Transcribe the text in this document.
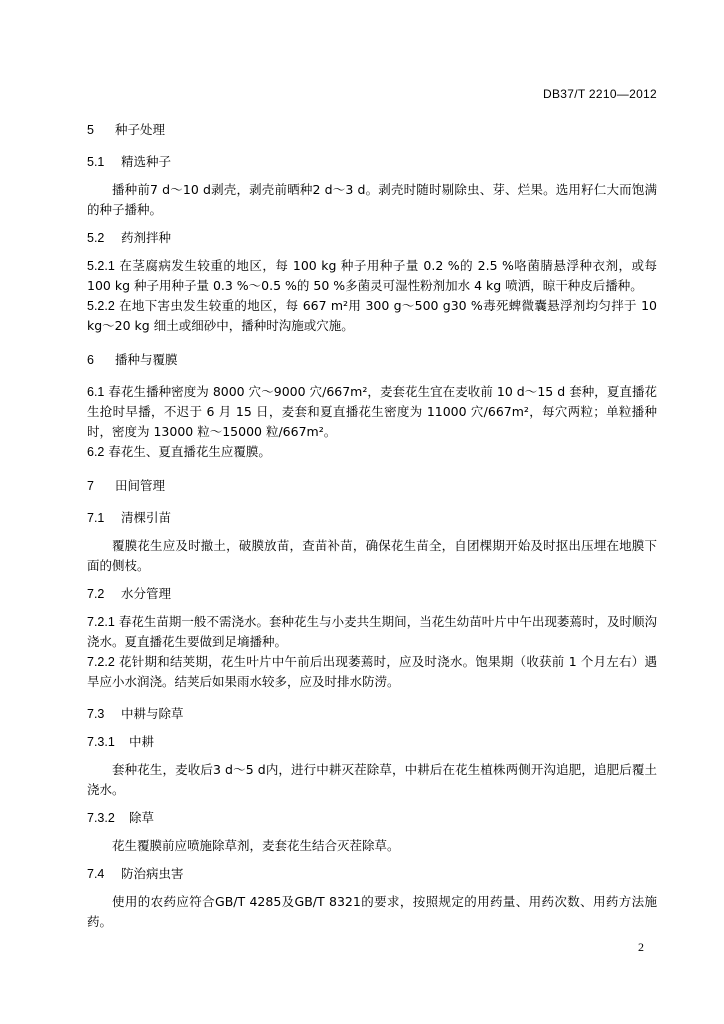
DB37/T 2210—2012
5 种子处理
5.1 精选种子
播种前7 d～10 d剥壳，剥壳前晒种2 d～3 d。剥壳时随时剔除虫、芽、烂果。选用籽仁大而饱满的种子播种。
5.2 药剂拌种
5.2.1 在茎腐病发生较重的地区，每 100 kg 种子用种子量 0.2 %的 2.5 %咯菌腈悬浮种衣剂，或每 100 kg 种子用种子量 0.3 %～0.5 %的 50 %多菌灵可湿性粉剂加水 4 kg 喷洒，晾干种皮后播种。
5.2.2 在地下害虫发生较重的地区，每 667 m²用 300 g～500 g30 %毒死蜱微囊悬浮剂均匀拌于 10 kg～20 kg 细土或细砂中，播种时沟施或穴施。
6 播种与覆膜
6.1 春花生播种密度为 8000 穴～9000 穴/667m²，麦套花生宜在麦收前 10 d～15 d 套种，夏直播花生抢时早播，不迟于 6 月 15 日，麦套和夏直播花生密度为 11000 穴/667m²，每穴两粒；单粒播种时，密度为 13000 粒～15000 粒/667m²。
6.2 春花生、夏直播花生应覆膜。
7 田间管理
7.1 清棵引苗
覆膜花生应及时撤土，破膜放苗，查苗补苗，确保花生苗全，自团棵期开始及时抠出压埋在地膜下面的侧枝。
7.2 水分管理
7.2.1 春花生苗期一般不需浇水。套种花生与小麦共生期间，当花生幼苗叶片中午出现萎蔫时，及时顺沟浇水。夏直播花生要做到足墒播种。
7.2.2 花针期和结荚期，花生叶片中午前后出现萎蔫时，应及时浇水。饱果期（收获前 1 个月左右）遇旱应小水润浇。结荚后如果雨水较多，应及时排水防涝。
7.3 中耕与除草
7.3.1 中耕
套种花生，麦收后3 d～5 d内，进行中耕灭茬除草，中耕后在花生植株两侧开沟追肥，追肥后覆土浇水。
7.3.2 除草
花生覆膜前应喷施除草剂，麦套花生结合灭茬除草。
7.4 防治病虫害
使用的农药应符合GB/T 4285及GB/T 8321的要求，按照规定的用药量、用药次数、用药方法施药。
2
